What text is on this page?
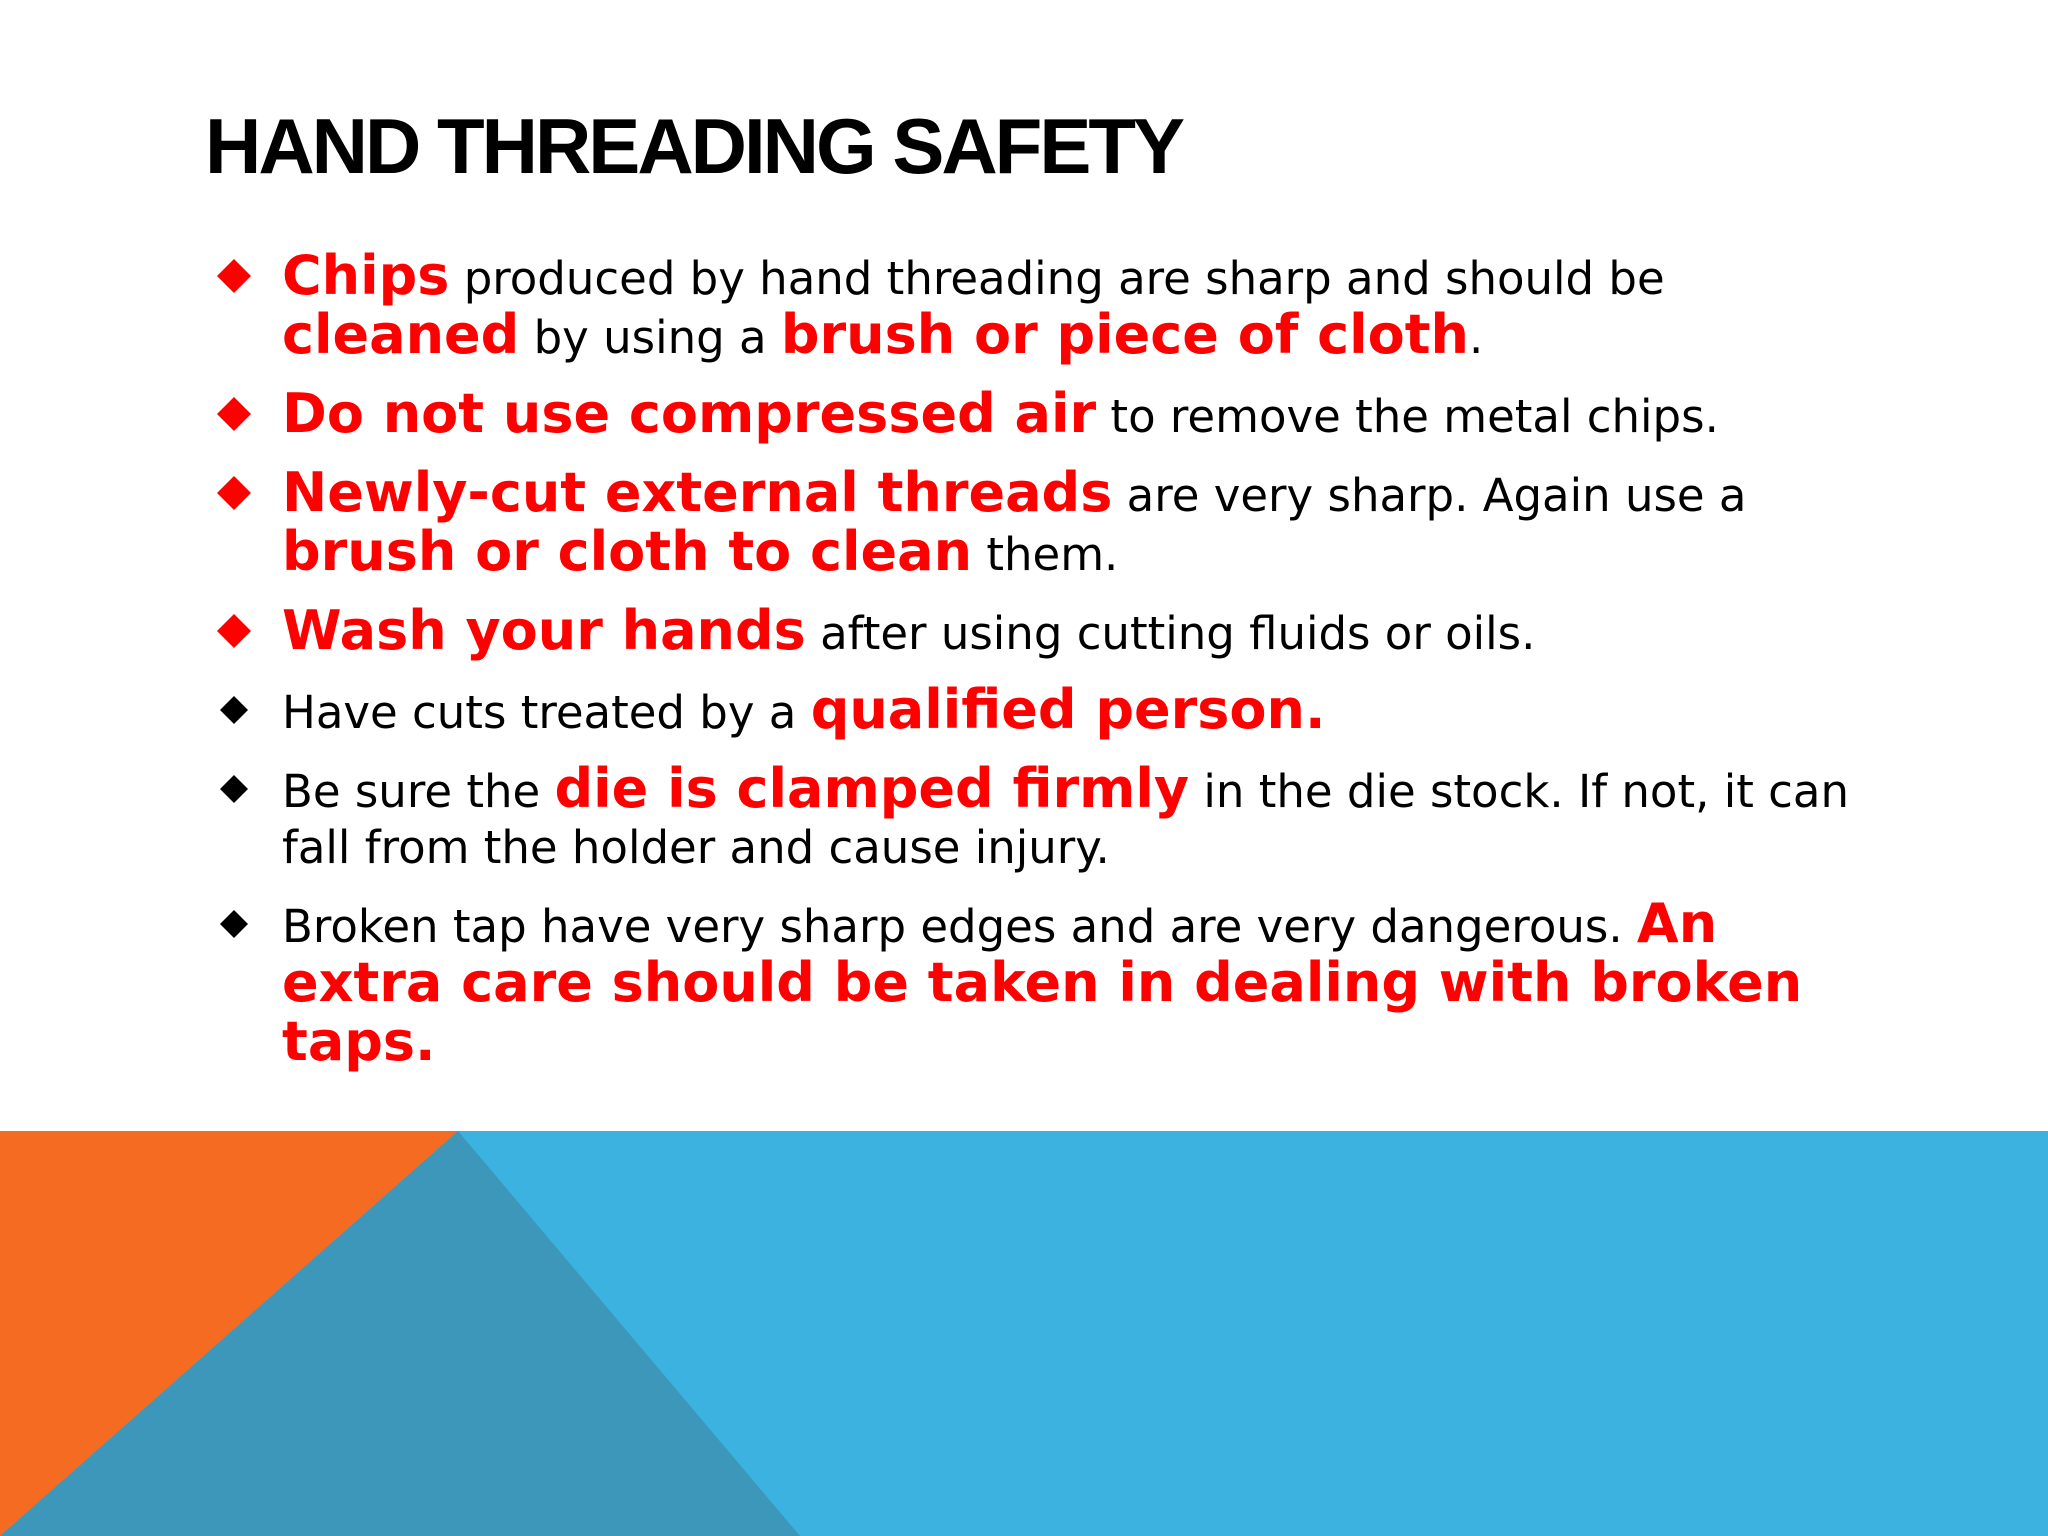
HAND THREADING SAFETY
Chips produced by hand threading are sharp and should be cleaned by using a brush or piece of cloth.
Do not use compressed air to remove the metal chips.
Newly-cut external threads are very sharp. Again use a brush or cloth to clean them.
Wash your hands after using cutting fluids or oils.
Have cuts treated by a qualified person.
Be sure the die is clamped firmly in the die stock. If not, it can fall from the holder and cause injury.
Broken tap have very sharp edges and are very dangerous. An extra care should be taken in dealing with broken taps.
